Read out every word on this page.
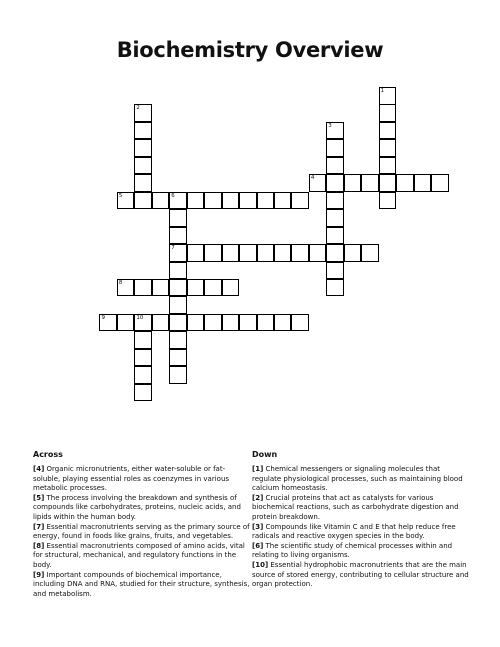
Biochemistry Overview
1
2
3
4
5	6
7
8
9	10
Across
[4] Organic micronutrients, either water-soluble or fat-soluble, playing essential roles as coenzymes in various metabolic processes.
[5] The process involving the breakdown and synthesis of compounds like carbohydrates, proteins, nucleic acids, and lipids within the human body.
[7] Essential macronutrients serving as the primary source of energy, found in foods like grains, fruits, and vegetables.
[8] Essential macronutrients composed of amino acids, vital for structural, mechanical, and regulatory functions in the body.
[9] Important compounds of biochemical importance, including DNA and RNA, studied for their structure, synthesis, and metabolism.
Down
[1] Chemical messengers or signaling molecules that regulate physiological processes, such as maintaining blood calcium homeostasis.
[2] Crucial proteins that act as catalysts for various biochemical reactions, such as carbohydrate digestion and protein breakdown.
[3] Compounds like Vitamin C and E that help reduce free radicals and reactive oxygen species in the body.
[6] The scientific study of chemical processes within and relating to living organisms.
[10] Essential hydrophobic macronutrients that are the main source of stored energy, contributing to cellular structure and organ protection.
